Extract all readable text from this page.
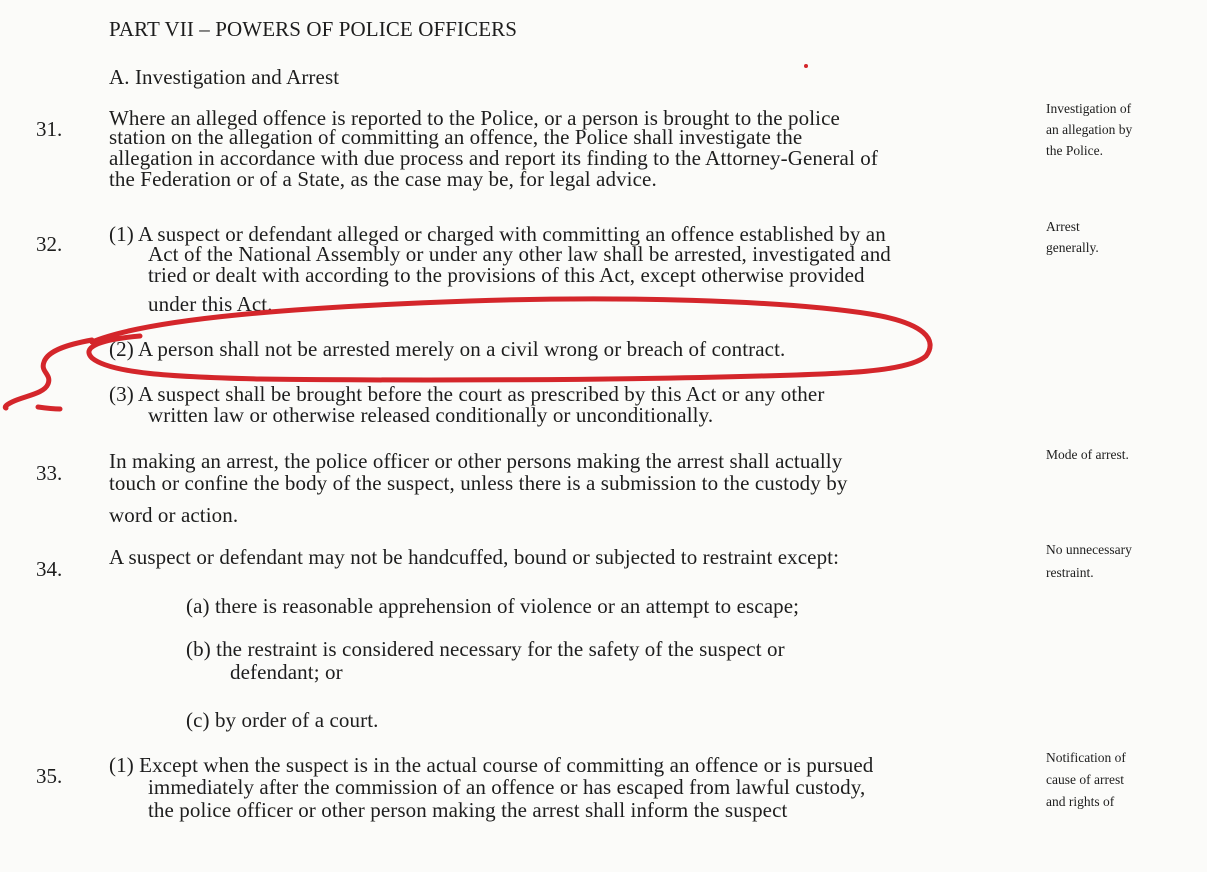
PART VII – POWERS OF POLICE OFFICERS
A. Investigation and Arrest
31. Where an alleged offence is reported to the Police, or a person is brought to the police
station on the allegation of committing an offence, the Police shall investigate the
allegation in accordance with due process and report its finding to the Attorney-General of
the Federation or of a State, as the case may be, for legal advice.
Investigation of
an allegation by
the Police.
32. (1) A suspect or defendant alleged or charged with committing an offence established by an
Act of the National Assembly or under any other law shall be arrested, investigated and
tried or dealt with according to the provisions of this Act, except otherwise provided
under this Act.
(2) A person shall not be arrested merely on a civil wrong or breach of contract.
(3) A suspect shall be brought before the court as prescribed by this Act or any other
written law or otherwise released conditionally or unconditionally.
Arrest
generally.
33. In making an arrest, the police officer or other persons making the arrest shall actually
touch or confine the body of the suspect, unless there is a submission to the custody by
word or action.
Mode of arrest.
34. A suspect or defendant may not be handcuffed, bound or subjected to restraint except:
(a) there is reasonable apprehension of violence or an attempt to escape;
(b) the restraint is considered necessary for the safety of the suspect or
defendant; or
(c) by order of a court.
No unnecessary
restraint.
35. (1) Except when the suspect is in the actual course of committing an offence or is pursued
immediately after the commission of an offence or has escaped from lawful custody,
the police officer or other person making the arrest shall inform the suspect
Notification of
cause of arrest
and rights of
